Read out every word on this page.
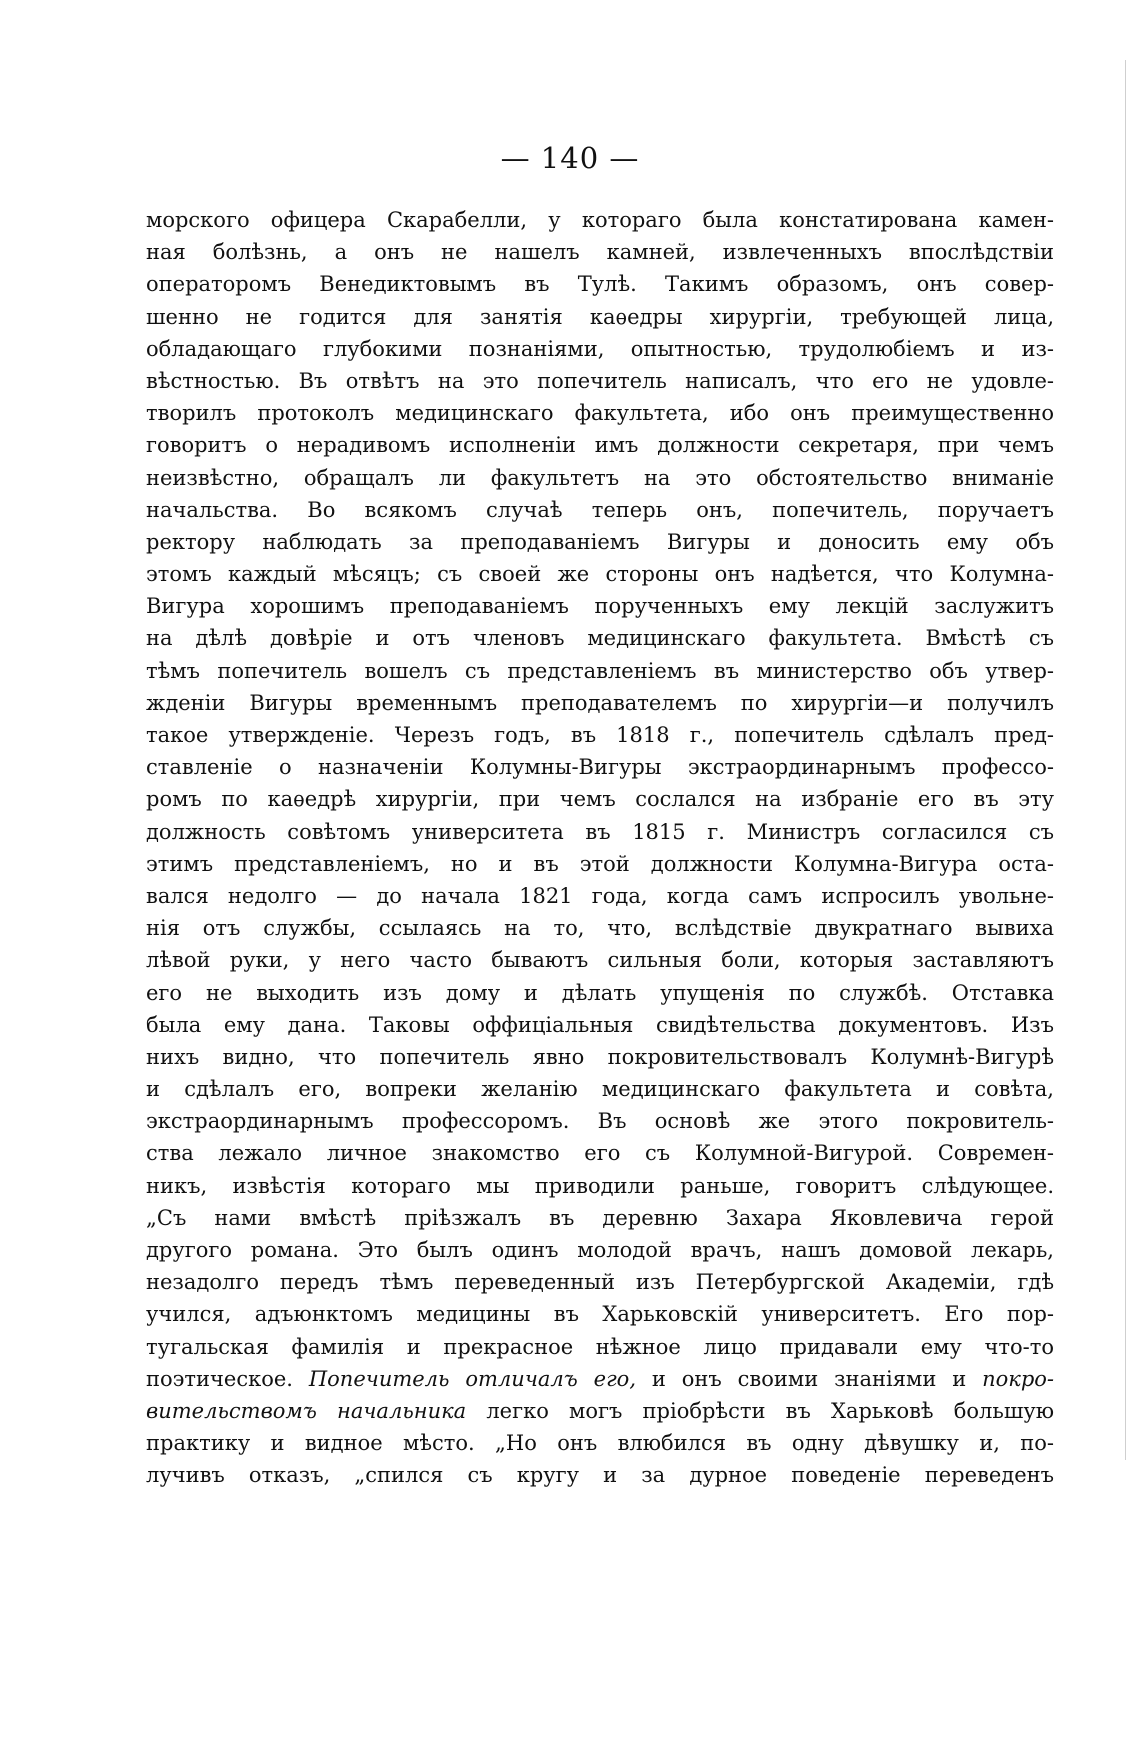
— 140 —
морского офицера Скарабелли, у котораго была констатирована камен-
ная болѣзнь, а онъ не нашелъ камней, извлеченныхъ впослѣдствіи
операторомъ Венедиктовымъ въ Тулѣ. Такимъ образомъ, онъ совер-
шенно не годится для занятія каѳедры хирургіи, требующей лица,
обладающаго глубокими познаніями, опытностью, трудолюбіемъ и из-
вѣстностью. Въ отвѣтъ на это попечитель написалъ, что его не удовле-
творилъ протоколъ медицинскаго факультета, ибо онъ преимущественно
говоритъ о нерадивомъ исполненіи имъ должности секретаря, при чемъ
неизвѣстно, обращалъ ли факультетъ на это обстоятельство вниманіе
начальства. Во всякомъ случаѣ теперь онъ, попечитель, поручаетъ
ректору наблюдать за преподаваніемъ Вигуры и доносить ему объ
этомъ каждый мѣсяцъ; съ своей же стороны онъ надѣется, что Колумна-
Вигура хорошимъ преподаваніемъ порученныхъ ему лекцій заслужитъ
на дѣлѣ довѣріе и отъ членовъ медицинскаго факультета. Вмѣстѣ съ
тѣмъ попечитель вошелъ съ представленіемъ въ министерство объ утвер-
жденіи Вигуры временнымъ преподавателемъ по хирургіи—и получилъ
такое утвержденіе. Черезъ годъ, въ 1818 г., попечитель сдѣлалъ пред-
ставленіе о назначеніи Колумны-Вигуры экстраординарнымъ профессо-
ромъ по каѳедрѣ хирургіи, при чемъ сослался на избраніе его въ эту
должность совѣтомъ университета въ 1815 г. Министръ согласился съ
этимъ представленіемъ, но и въ этой должности Колумна-Вигура оста-
вался недолго — до начала 1821 года, когда самъ испросилъ увольне-
нія отъ службы, ссылаясь на то, что, вслѣдствіе двукратнаго вывиха
лѣвой руки, у него часто бываютъ сильныя боли, которыя заставляютъ
его не выходить изъ дому и дѣлать упущенія по службѣ. Отставка
была ему дана. Таковы оффиціальныя свидѣтельства документовъ. Изъ
нихъ видно, что попечитель явно покровительствовалъ Колумнѣ-Вигурѣ
и сдѣлалъ его, вопреки желанію медицинскаго факультета и совѣта,
экстраординарнымъ профессоромъ. Въ основѣ же этого покровитель-
ства лежало личное знакомство его съ Колумной-Вигурой. Современ-
никъ, извѣстія котораго мы приводили раньше, говоритъ слѣдующее.
„Съ нами вмѣстѣ пріѣзжалъ въ деревню Захара Яковлевича герой
другого романа. Это былъ одинъ молодой врачъ, нашъ домовой лекарь,
незадолго передъ тѣмъ переведенный изъ Петербургской Академіи, гдѣ
учился, адъюнктомъ медицины въ Харьковскій университетъ. Его пор-
тугальская фамилія и прекрасное нѣжное лицо придавали ему что-то
поэтическое. Попечитель отличалъ его, и онъ своими знаніями и покро-
вительствомъ начальника легко могъ пріобрѣсти въ Харьковѣ большую
практику и видное мѣсто. „Но онъ влюбился въ одну дѣвушку и, по-
лучивъ отказъ, „спился съ кругу и за дурное поведеніе переведенъ
